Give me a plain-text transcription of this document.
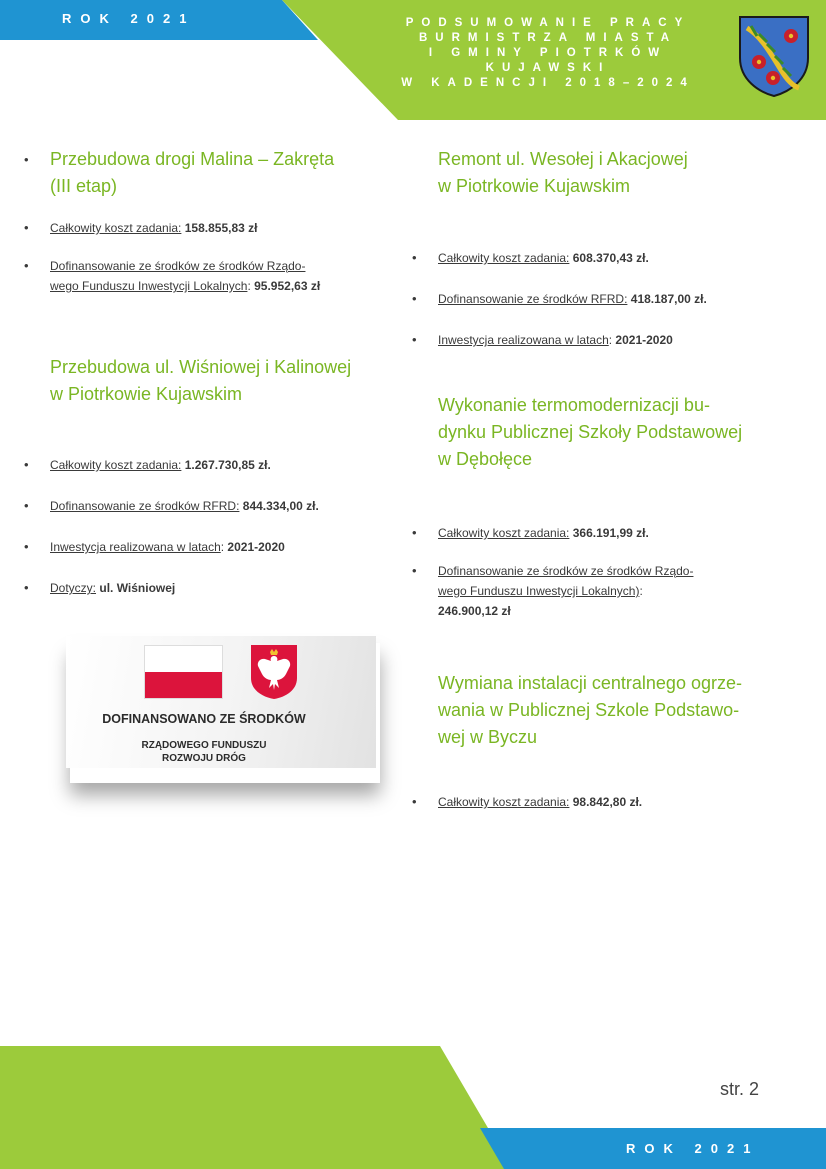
ROK 2021	PODSUMOWANIE PRACY
BURMISTRZA MIASTA
I GMINY PIOTRKÓW
KUJAWSKI
W KADENCJI 2018–2024
• Przebudowa drogi Malina – Zakręta
(III etap)
• Całkowity koszt zadania: 158.855,83 zł
• Dofinansowanie ze środków ze środków Rządo-
wego Funduszu Inwestycji Lokalnych: 95.952,63 zł
Przebudowa ul. Wiśniowej i Kalinowej
w Piotrkowie Kujawskim
• Całkowity koszt zadania: 1.267.730,85 zł.
• Dofinansowanie ze środków RFRD: 844.334,00 zł.
• Inwestycja realizowana w latach: 2021-2020
• Dotyczy: ul. Wiśniowej
DOFINANSOWANO ZE ŚRODKÓW
RZĄDOWEGO FUNDUSZU
ROZWOJU DRÓG
Remont ul. Wesołej i Akacjowej
w Piotrkowie Kujawskim
• Całkowity koszt zadania: 608.370,43 zł.
• Dofinansowanie ze środków RFRD: 418.187,00 zł.
• Inwestycja realizowana w latach: 2021-2020
Wykonanie termomodernizacji bu-
dynku Publicznej Szkoły Podstawowej
w Dębołęce
• Całkowity koszt zadania: 366.191,99 zł.
• Dofinansowanie ze środków ze środków Rządo-
wego Funduszu Inwestycji Lokalnych):
246.900,12 zł
Wymiana instalacji centralnego ogrze-
wania w Publicznej Szkole Podstawo-
wej w Byczu
• Całkowity koszt zadania: 98.842,80 zł.
str. 2
ROK 2021
